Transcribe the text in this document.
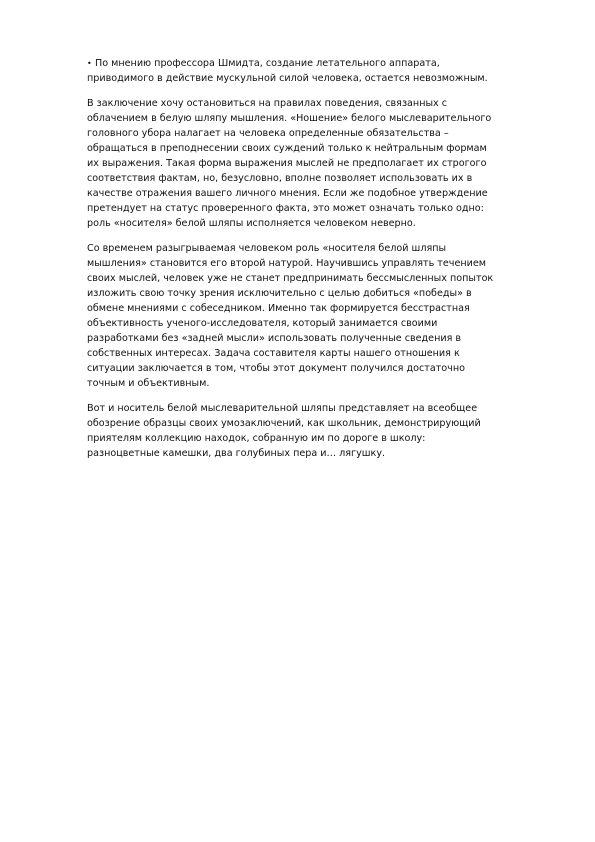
• По мнению профессора Шмидта, создание летательного аппарата,
приводимого в действие мускульной силой человека, остается невозможным.
В заключение хочу остановиться на правилах поведения, связанных с
облачением в белую шляпу мышления. «Ношение» белого мыслеварительного
головного убора налагает на человека определенные обязательства –
обращаться в преподнесении своих суждений только к нейтральным формам
их выражения. Такая форма выражения мыслей не предполагает их строгого
соответствия фактам, но, безусловно, вполне позволяет использовать их в
качестве отражения вашего личного мнения. Если же подобное утверждение
претендует на статус проверенного факта, это может означать только одно:
роль «носителя» белой шляпы исполняется человеком неверно.
Со временем разыгрываемая человеком роль «носителя белой шляпы
мышления» становится его второй натурой. Научившись управлять течением
своих мыслей, человек уже не станет предпринимать бессмысленных попыток
изложить свою точку зрения исключительно с целью добиться «победы» в
обмене мнениями с собеседником. Именно так формируется бесстрастная
объективность ученого-исследователя, который занимается своими
разработками без «задней мысли» использовать полученные сведения в
собственных интересах. Задача составителя карты нашего отношения к
ситуации заключается в том, чтобы этот документ получился достаточно
точным и объективным.
Вот и носитель белой мыслеварительной шляпы представляет на всеобщее
обозрение образцы своих умозаключений, как школьник, демонстрирующий
приятелям коллекцию находок, собранную им по дороге в школу:
разноцветные камешки, два голубиных пера и… лягушку.
